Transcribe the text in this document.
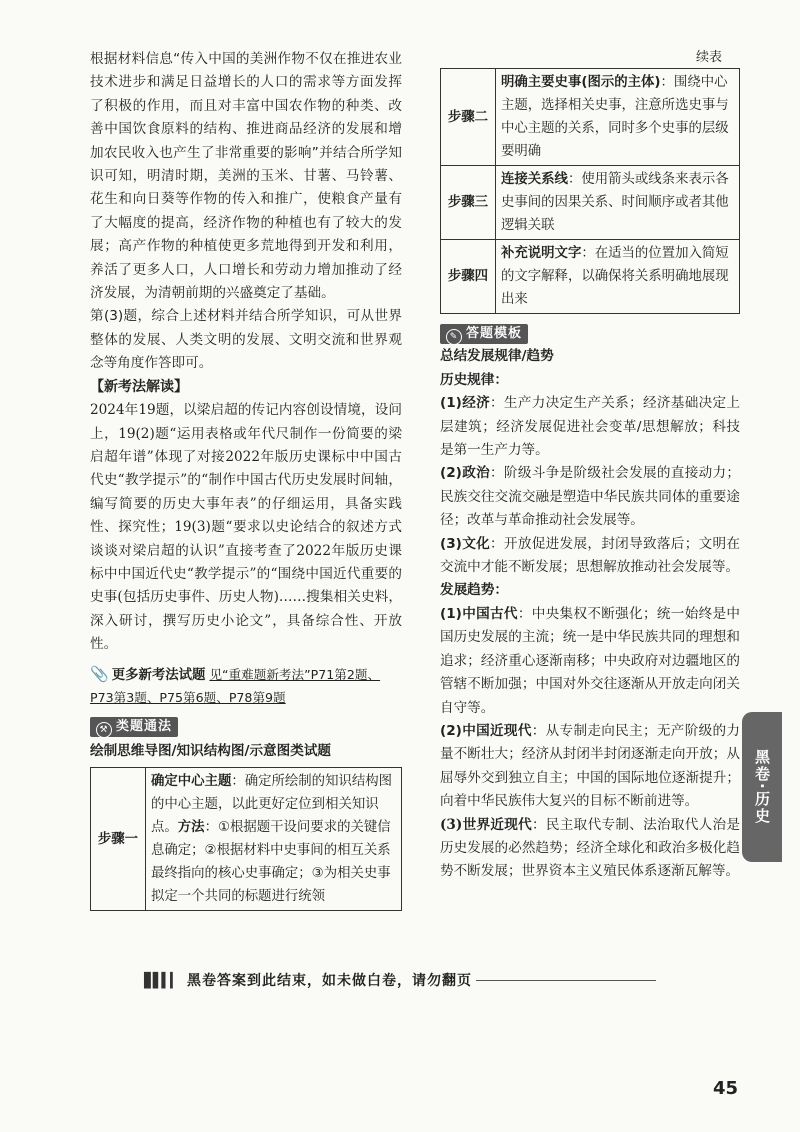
根据材料信息“传入中国的美洲作物不仅在推进农业技术进步和满足日益增长的人口的需求等方面发挥了积极的作用，而且对丰富中国农作物的种类、改善中国饮食原料的结构、推进商品经济的发展和增加农民收入也产生了非常重要的影响”并结合所学知识可知，明清时期，美洲的玉米、甘薯、马铃薯、花生和向日葵等作物的传入和推广，使粮食产量有了大幅度的提高，经济作物的种植也有了较大的发展；高产作物的种植使更多荒地得到开发和利用，养活了更多人口，人口增长和劳动力增加推动了经济发展，为清朝前期的兴盛奠定了基础。

第(3)题，综合上述材料并结合所学知识，可从世界整体的发展、人类文明的发展、文明交流和世界观念等角度作答即可。

【新考法解读】

2024年19题，以梁启超的传记内容创设情境，设问上，19(2)题“运用表格或年代尺制作一份简要的梁启超年谱”体现了对接2022年版历史课标中中国古代史“教学提示”的“制作中国古代历史发展时间轴，编写简要的历史大事年表”的仔细运用，具备实践性、探究性；19(3)题“要求以史论结合的叙述方式谈谈对梁启超的认识”直接考查了2022年版历史课标中中国近代史“教学提示”的“围绕中国近代重要的史事(包括历史事件、历史人物)……搜集相关史料，深入研讨，撰写历史小论文”，具备综合性、开放性。

📎 更多新考法试题 见“重难题新考法”P71第2题、
P73第3题、P75第6题、P78第9题
⚒ 类题通法

绘制思维导图/知识结构图/示意图类试题

步骤一	确定中心主题：确定所绘制的知识结构图的中心主题，以此更好定位到相关知识点。方法：①根据题干设问要求的关键信息确定；②根据材料中史事间的相互关系最终指向的核心史事确定；③为相关史事拟定一个共同的标题进行统领
续表
步骤二	明确主要史事(图示的主体)：围绕中心主题，选择相关史事，注意所选史事与中心主题的关系，同时多个史事的层级要明确
步骤三	连接关系线：使用箭头或线条来表示各史事间的因果关系、时间顺序或者其他逻辑关联
步骤四	补充说明文字：在适当的位置加入简短的文字解释，以确保将关系明确地展现出来
✎ 答题模板

总结发展规律/趋势

历史规律：

(1)经济：生产力决定生产关系；经济基础决定上层建筑；经济发展促进社会变革/思想解放；科技是第一生产力等。

(2)政治：阶级斗争是阶级社会发展的直接动力；民族交往交流交融是塑造中华民族共同体的重要途径；改革与革命推动社会发展等。

(3)文化：开放促进发展，封闭导致落后；文明在交流中才能不断发展；思想解放推动社会发展等。

发展趋势：

(1)中国古代：中央集权不断强化；统一始终是中国历史发展的主流；统一是中华民族共同的理想和追求；经济重心逐渐南移；中央政府对边疆地区的管辖不断加强；中国对外交往逐渐从开放走向闭关自守等。

(2)中国近现代：从专制走向民主；无产阶级的力量不断壮大；经济从封闭半封闭逐渐走向开放；从屈辱外交到独立自主；中国的国际地位逐渐提升；向着中华民族伟大复兴的目标不断前进等。

(3)世界近现代：民主取代专制、法治取代人治是历史发展的必然趋势；经济全球化和政治多极化趋势不断发展；世界资本主义殖民体系逐渐瓦解等。

▋▌▍▎ 黑卷答案到此结束，如未做白卷，请勿翻页
黑卷·历史
45
